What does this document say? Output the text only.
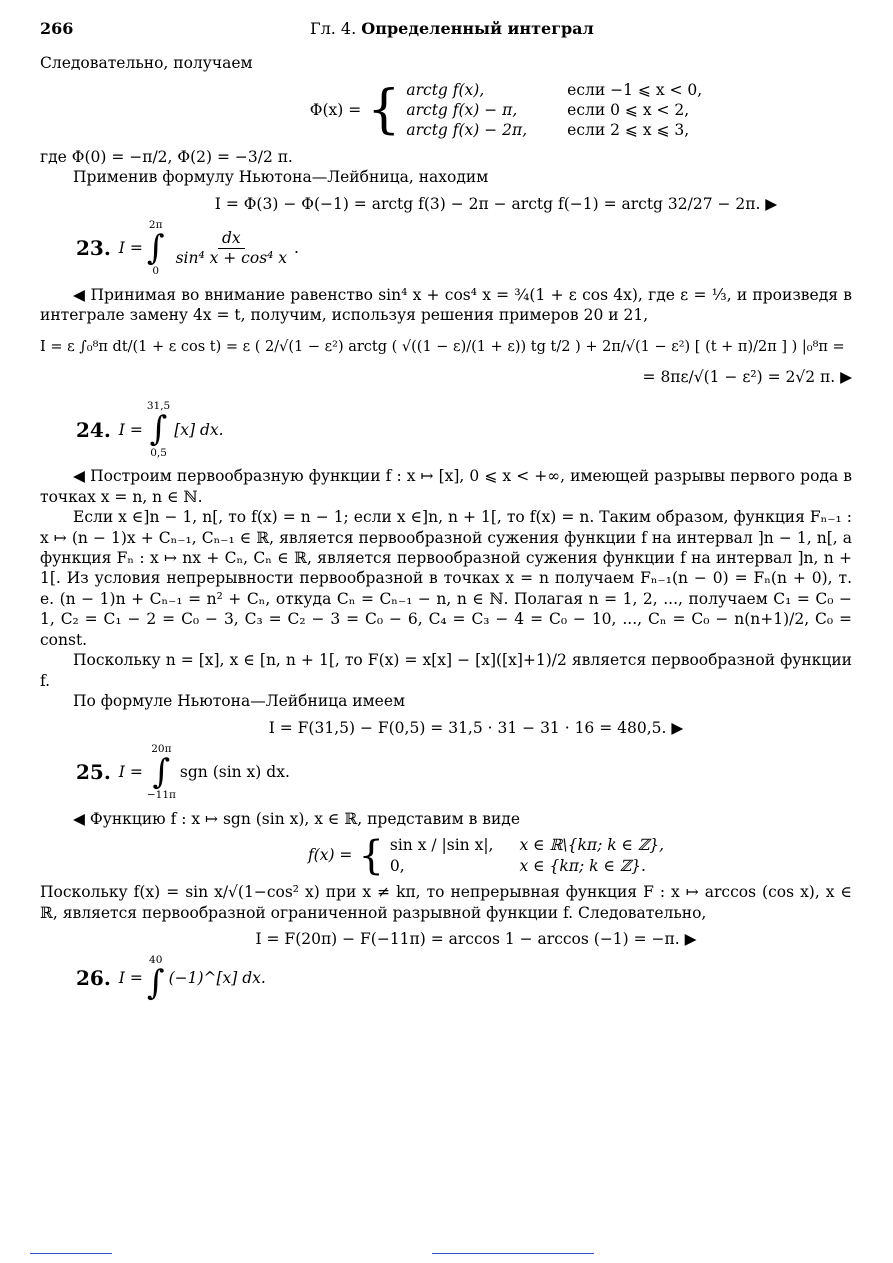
266	Гл. 4. Определенный интеграл

Следовательно, получаем

Φ(x) = { arctg f(x),	если −1 ⩽ x < 0,
arctg f(x) − π,	если 0 ⩽ x < 2,
arctg f(x) − 2π,	если 2 ⩽ x ⩽ 3,

где Φ(0) = −π/2, Φ(2) = −3/2 π.

Применив формулу Ньютона—Лейбница, находим

I = Φ(3) − Φ(−1) = arctg f(3) − 2π − arctg f(−1) = arctg 32/27 − 2π. ▶

23. I =
2π
∫
0
$\frac{dx}{\text{sin⁴ x + cos⁴ x}}$ .

◀ Принимая во внимание равенство sin⁴ x + cos⁴ x = ¾(1 + ε cos 4x), где ε = ⅓, и произведя в интеграле замену 4x = t, получим, используя решения примеров 20 и 21,

I = ε ∫₀⁸π dt/(1 + ε cos t) = ε ( 2/√(1 − ε²) arctg ( √((1 − ε)/(1 + ε)) tg t/2 ) + 2π/√(1 − ε²) [ (t + π)/2π ] ) |₀⁸π =

= 8πε/√(1 − ε²) = 2√2 π. ▶

24. I =
31,5
∫
0,5
[x] dx.

◀ Построим первообразную функции f : x ↦ [x], 0 ⩽ x < +∞, имеющей разрывы первого рода в точках x = n, n ∈ ℕ.

Если x ∈]n − 1, n[, то f(x) = n − 1; если x ∈]n, n + 1[, то f(x) = n. Таким образом, функция Fₙ₋₁ : x ↦ (n − 1)x + Cₙ₋₁, Cₙ₋₁ ∈ ℝ, является первообразной сужения функции f на интервал ]n − 1, n[, а функция Fₙ : x ↦ nx + Cₙ, Cₙ ∈ ℝ, является первообразной сужения функции f на интервал ]n, n + 1[. Из условия непрерывности первообразной в точках x = n получаем Fₙ₋₁(n − 0) = Fₙ(n + 0), т. е. (n − 1)n + Cₙ₋₁ = n² + Cₙ, откуда Cₙ = Cₙ₋₁ − n, n ∈ ℕ. Полагая n = 1, 2, ..., получаем C₁ = C₀ − 1, C₂ = C₁ − 2 = C₀ − 3, C₃ = C₂ − 3 = C₀ − 6, C₄ = C₃ − 4 = C₀ − 10, ..., Cₙ = C₀ − n(n+1)/2, C₀ = const.

Поскольку n = [x], x ∈ [n, n + 1[, то F(x) = x[x] − [x]([x]+1)/2 является первообразной функции f.

По формуле Ньютона—Лейбница имеем

I = F(31,5) − F(0,5) = 31,5 · 31 − 31 · 16 = 480,5. ▶

25. I =
20π
∫
−11π
sgn (sin x) dx.

◀ Функцию f : x ↦ sgn (sin x), x ∈ ℝ, представим в виде

f(x) = { sin x / |sin x|, x ∈ ℝ\{kπ; k ∈ ℤ},
0,	x ∈ {kπ; k ∈ ℤ}.

Поскольку f(x) = sin x/√(1−cos² x) при x ≠ kπ, то непрерывная функция F : x ↦ arccos (cos x), x ∈ ℝ, является первообразной ограниченной разрывной функции f. Следовательно,

I = F(20π) − F(−11π) = arccos 1 − arccos (−1) = −π. ▶

26. I =
40
∫ (−1)^[x] dx.
